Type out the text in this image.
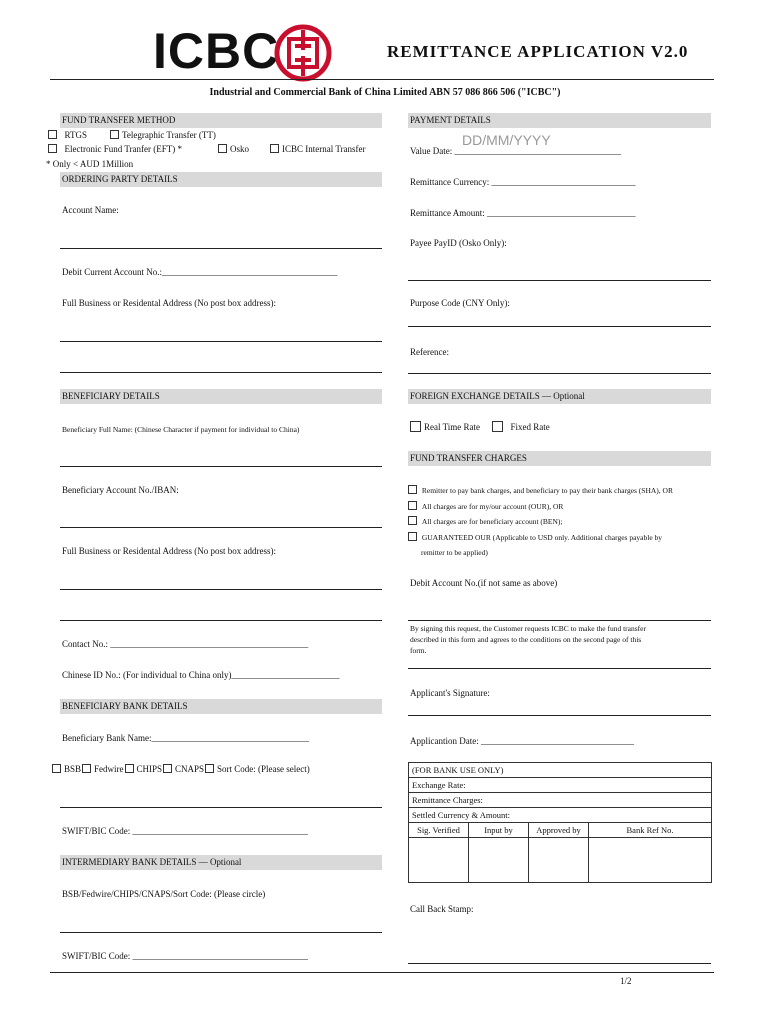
ICBC	REMITTANCE APPLICATION V2.0
Industrial and Commercial Bank of China Limited ABN 57 086 866 506 ("ICBC")
FUND TRANSFER METHOD
RTGS	Telegraphic Transfer (TT)
Electronic Fund Tranfer (EFT) *	Osko	ICBC Internal Transfer
* Only < AUD 1Million
ORDERING PARTY DETAILS
Account Name:
Debit Current Account No.:_______________________________________
Full Business or Residental Address (No post box address):
BENEFICIARY DETAILS
Beneficiary Full Name: (Chinese Character if payment for individual to China)
Beneficiary Account No./IBAN:
Full Business or Residental Address (No post box address):
Contact No.: ____________________________________________
Chinese ID No.: (For individual to China only)________________________
BENEFICIARY BANK DETAILS
Beneficiary Bank Name:___________________________________
BSB Fedwire CHIPS CNAPS Sort Code: (Please select)
SWIFT/BIC Code: _______________________________________
INTERMEDIARY BANK DETAILS — Optional
BSB/Fedwire/CHIPS/CNAPS/Sort Code: (Please circle)
SWIFT/BIC Code: _______________________________________
PAYMENT DETAILS
DD/MM/YYYY
Value Date: _____________________________________
Remittance Currency: ________________________________
Remittance Amount: _________________________________
Payee PayID (Osko Only):
Purpose Code (CNY Only):
Reference:
FOREIGN EXCHANGE DETAILS — Optional
Real Time Rate	Fixed Rate
FUND TRANSFER CHARGES
Remitter to pay bank charges, and beneficiary to pay their bank charges (SHA), OR
All charges are for my/our account (OUR), OR
All charges are for beneficiary account (BEN);
GUARANTEED OUR (Applicable to USD only. Additional charges payable by
remitter to be applied)
Debit Account No.(if not same as above)
By signing this request, the Customer requests ICBC to make the fund transfer
described in this form and agrees to the conditions on the second page of this
form.
Applicant's Signature:
Applicantion Date: __________________________________
(FOR BANK USE ONLY)			
Exchange Rate:			
Remittance Charges:			
Settled Currency & Amount:			
Sig. Verified	Input by	Approved by	Bank Ref No.

Call Back Stamp:
1/2
